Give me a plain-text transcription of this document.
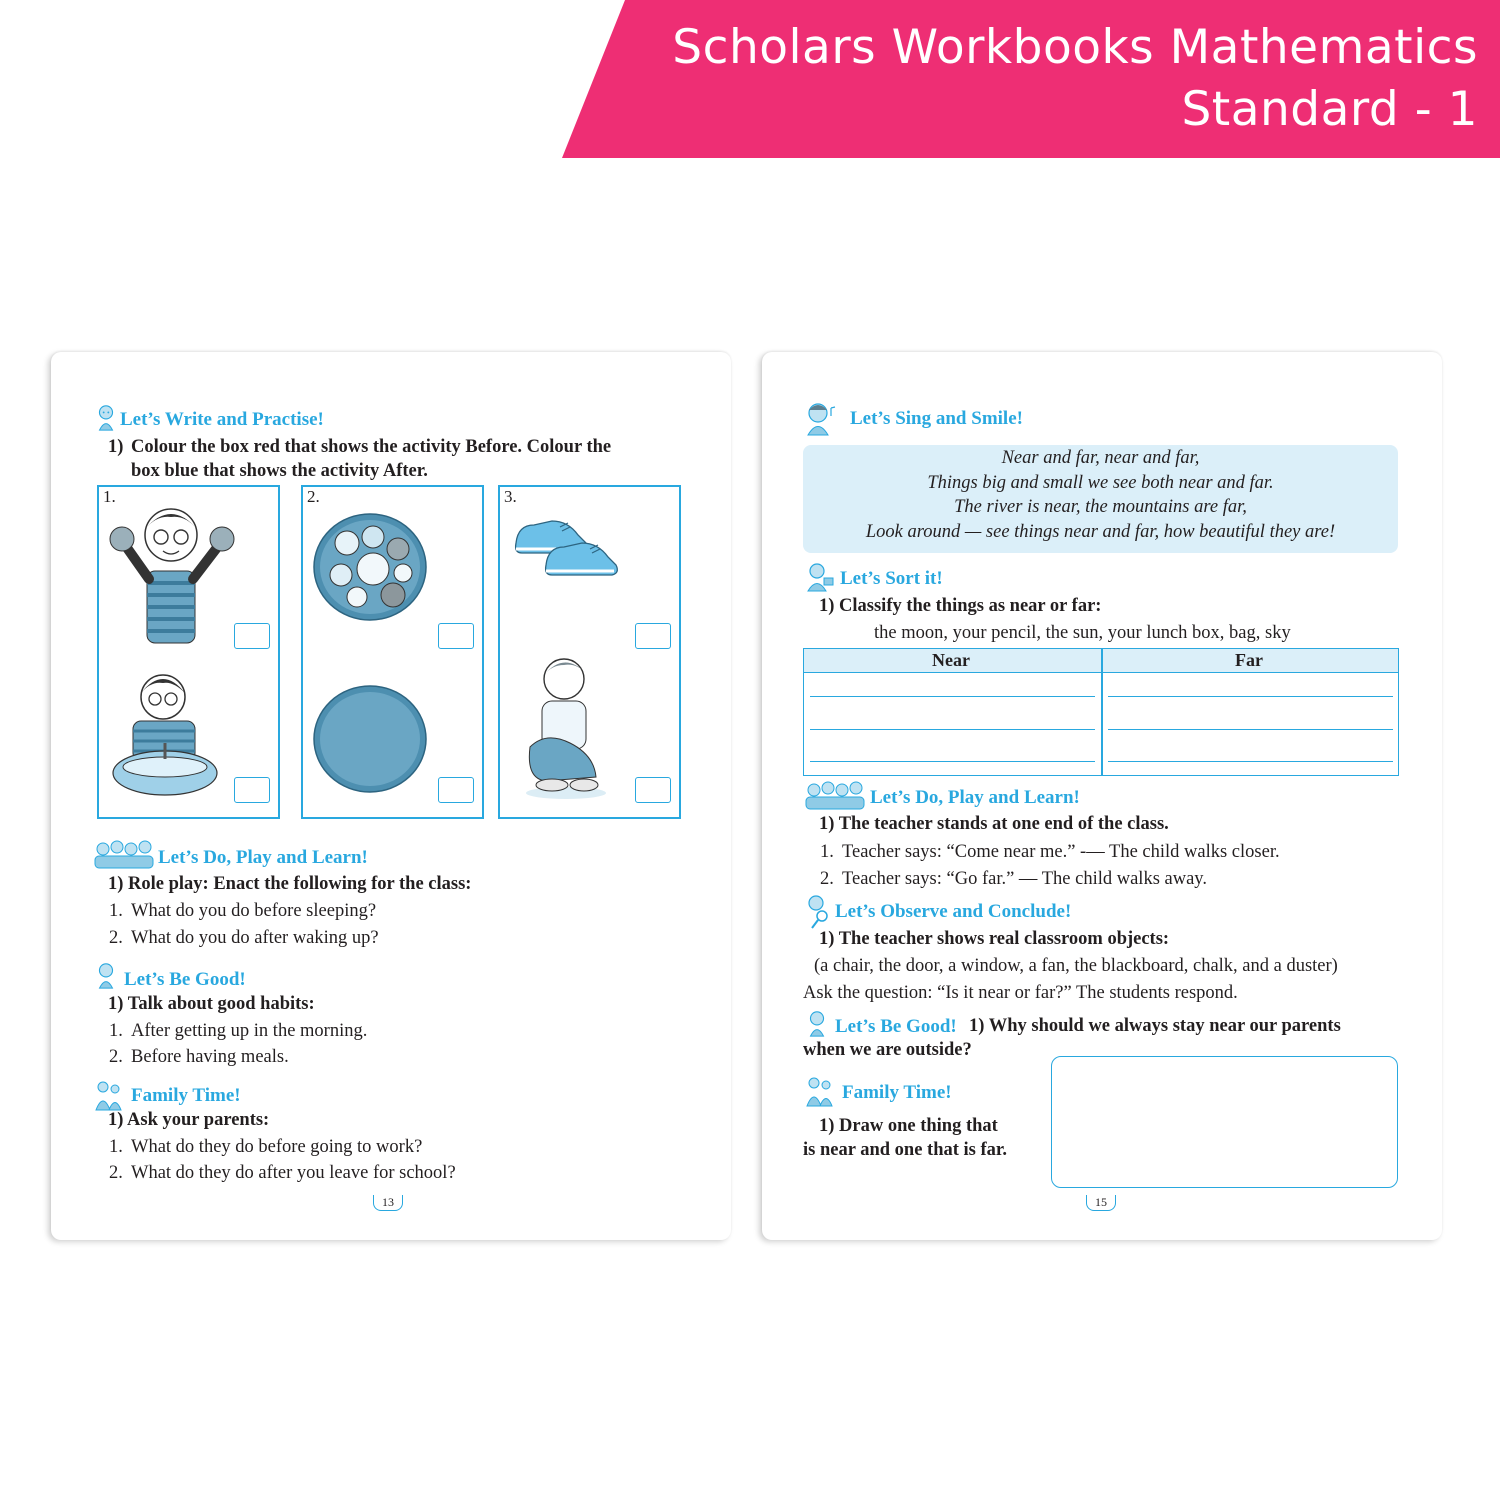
Scholars Workbooks Mathematics
Standard - 1
Let’s Write and Practise!
1) Colour the box red that shows the activity Before. Colour the
box blue that shows the activity After.
1.	2.	3.
Let’s Do, Play and Learn!
1) Role play: Enact the following for the class:
1. What do you do before sleeping?
2. What do you do after waking up?
Let’s Be Good!
1) Talk about good habits:
1. After getting up in the morning.
2. Before having meals.
Family Time!
1) Ask your parents:
1. What do they do before going to work?
2. What do they do after you leave for school?
13
Let’s Sing and Smile!
Near and far, near and far,
Things big and small we see both near and far.
The river is near, the mountains are far,
Look around — see things near and far, how beautiful they are!
Let’s Sort it!
1) Classify the things as near or far:
the moon, your pencil, the sun, your lunch box, bag, sky
Near	Far
Let’s Do, Play and Learn!
1) The teacher stands at one end of the class.
1. Teacher says: “Come near me.” -— The child walks closer.
2. Teacher says: “Go far.” — The child walks away.
Let’s Observe and Conclude!
1) The teacher shows real classroom objects:
(a chair, the door, a window, a fan, the blackboard, chalk, and a duster)
Ask the question: “Is it near or far?” The students respond.
Let’s Be Good! 1) Why should we always stay near our parents
when we are outside?
Family Time!
1) Draw one thing that
is near and one that is far.
15
